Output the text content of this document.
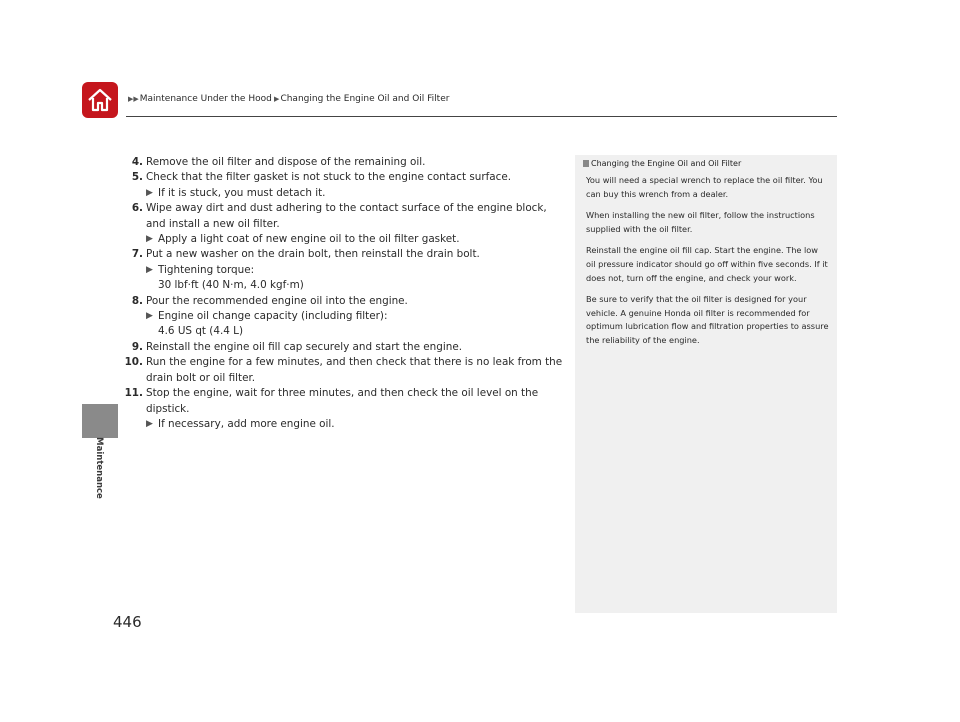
▶▶Maintenance Under the Hood ▶Changing the Engine Oil and Oil Filter
Maintenance
4. Remove the oil filter and dispose of the remaining oil.
5. Check that the filter gasket is not stuck to the engine contact surface.
▶ If it is stuck, you must detach it.
6. Wipe away dirt and dust adhering to the contact surface of the engine block, and install a new oil filter.
▶ Apply a light coat of new engine oil to the oil filter gasket.
7. Put a new washer on the drain bolt, then reinstall the drain bolt.
▶ Tightening torque:
30 lbf·ft (40 N·m, 4.0 kgf·m)
8. Pour the recommended engine oil into the engine.
▶ Engine oil change capacity (including filter):
4.6 US qt (4.4 L)
9. Reinstall the engine oil fill cap securely and start the engine.
10. Run the engine for a few minutes, and then check that there is no leak from the drain bolt or oil filter.
11. Stop the engine, wait for three minutes, and then check the oil level on the dipstick.
▶ If necessary, add more engine oil.
Changing the Engine Oil and Oil Filter

You will need a special wrench to replace the oil filter. You can buy this wrench from a dealer.

When installing the new oil filter, follow the instructions supplied with the oil filter.

Reinstall the engine oil fill cap. Start the engine. The low oil pressure indicator should go off within five seconds. If it does not, turn off the engine, and check your work.

Be sure to verify that the oil filter is designed for your vehicle. A genuine Honda oil filter is recommended for optimum lubrication flow and filtration properties to assure the reliability of the engine.

446
